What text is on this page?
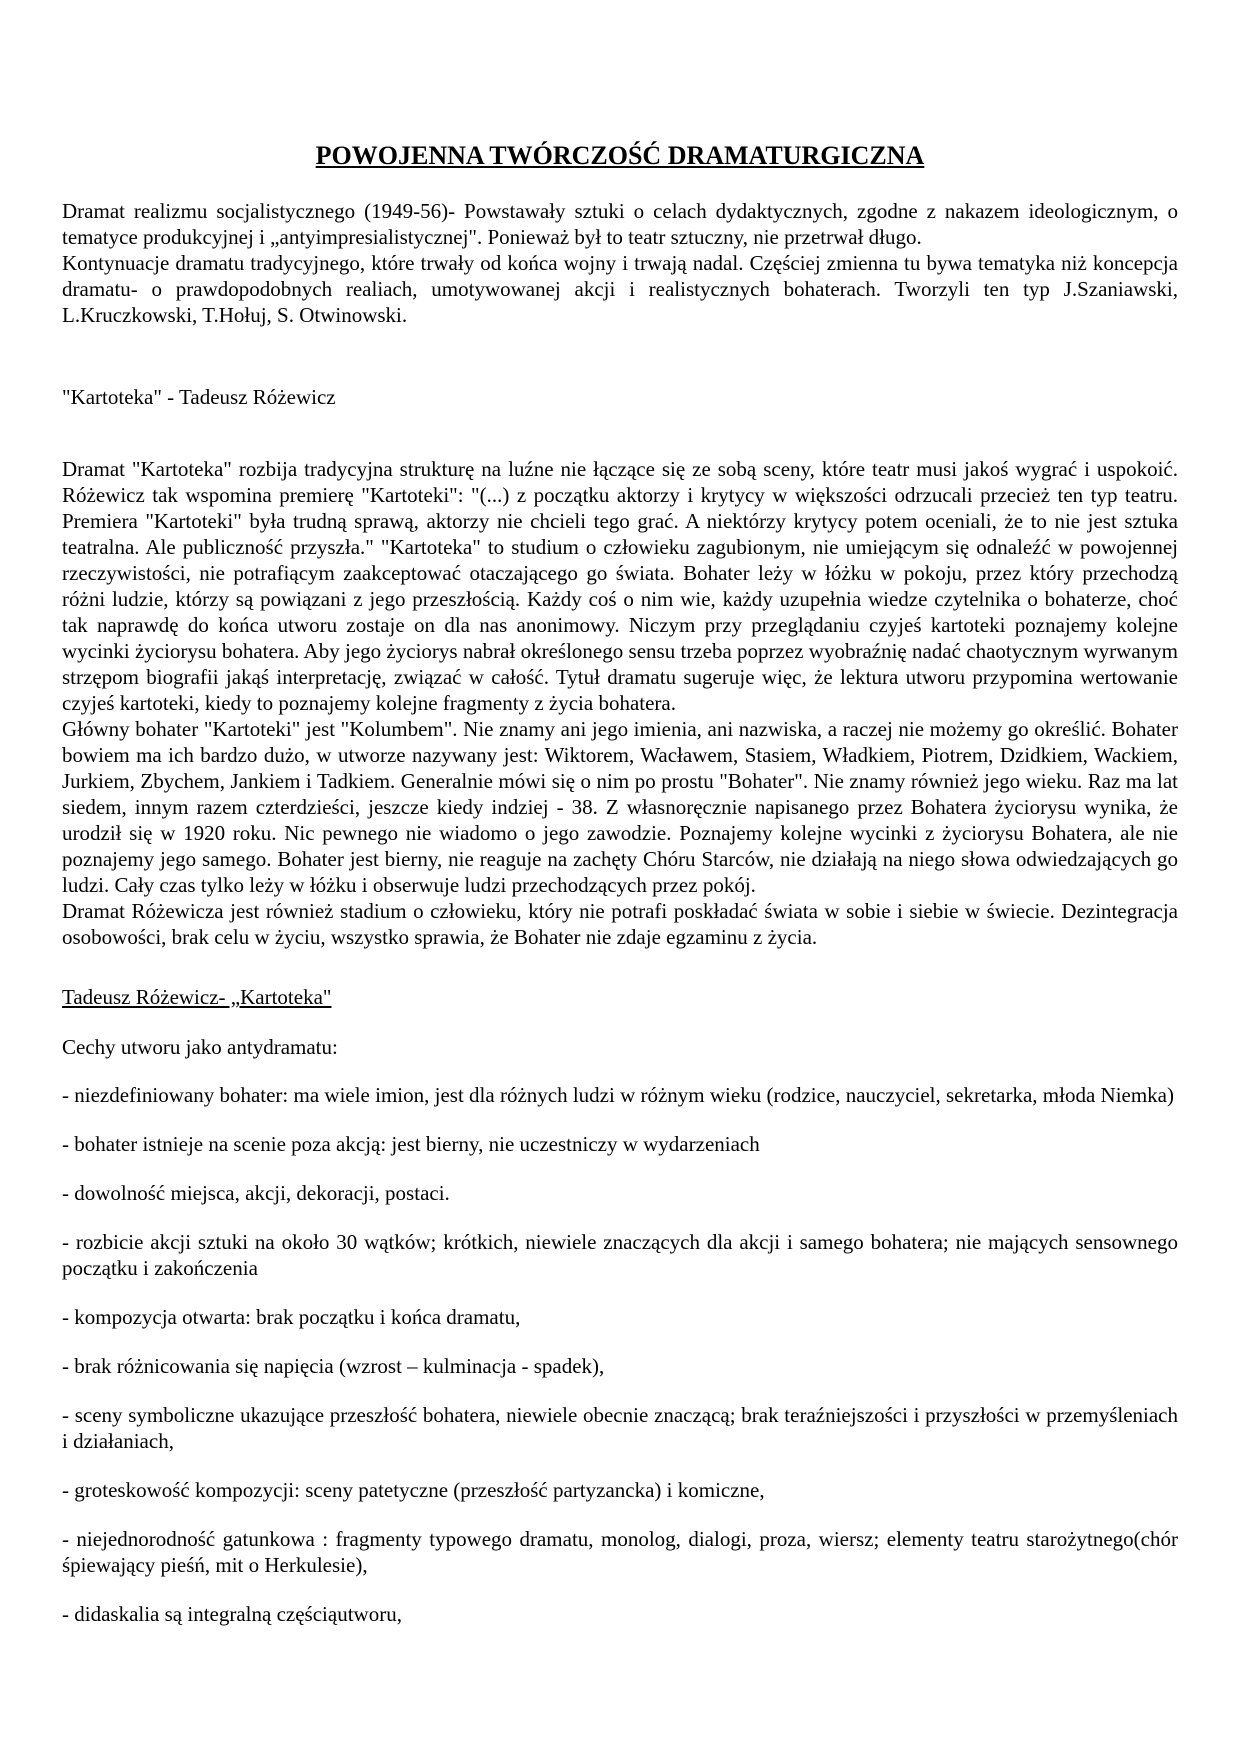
POWOJENNA TWÓRCZOŚĆ DRAMATURGICZNA

Dramat realizmu socjalistycznego (1949-56)- Powstawały sztuki o celach dydaktycznych, zgodne z nakazem ideologicznym, o tematyce produkcyjnej i „antyimpresialistycznej". Ponieważ był to teatr sztuczny, nie przetrwał długo.

Kontynuacje dramatu tradycyjnego, które trwały od końca wojny i trwają nadal. Częściej zmienna tu bywa tematyka niż koncepcja dramatu- o prawdopodobnych realiach, umotywowanej akcji i realistycznych bohaterach. Tworzyli ten typ J.Szaniawski, L.Kruczkowski, T.Hołuj, S. Otwinowski.

"Kartoteka" - Tadeusz Różewicz

Dramat "Kartoteka" rozbija tradycyjna strukturę na luźne nie łączące się ze sobą sceny, które teatr musi jakoś wygrać i uspokoić. Różewicz tak wspomina premierę "Kartoteki": "(...) z początku aktorzy i krytycy w większości odrzucali przecież ten typ teatru. Premiera "Kartoteki" była trudną sprawą, aktorzy nie chcieli tego grać. A niektórzy krytycy potem oceniali, że to nie jest sztuka teatralna. Ale publiczność przyszła." "Kartoteka" to studium o człowieku zagubionym, nie umiejącym się odnaleźć w powojennej rzeczywistości, nie potrafiącym zaakceptować otaczającego go świata. Bohater leży w łóżku w pokoju, przez który przechodzą różni ludzie, którzy są powiązani z jego przeszłością. Każdy coś o nim wie, każdy uzupełnia wiedze czytelnika o bohaterze, choć tak naprawdę do końca utworu zostaje on dla nas anonimowy. Niczym przy przeglądaniu czyjeś kartoteki poznajemy kolejne wycinki życiorysu bohatera. Aby jego życiorys nabrał określonego sensu trzeba poprzez wyobraźnię nadać chaotycznym wyrwanym strzępom biografii jakąś interpretację, związać w całość. Tytuł dramatu sugeruje więc, że lektura utworu przypomina wertowanie czyjeś kartoteki, kiedy to poznajemy kolejne fragmenty z życia bohatera.

Główny bohater "Kartoteki" jest "Kolumbem". Nie znamy ani jego imienia, ani nazwiska, a raczej nie możemy go określić. Bohater bowiem ma ich bardzo dużo, w utworze nazywany jest: Wiktorem, Wacławem, Stasiem, Władkiem, Piotrem, Dzidkiem, Wackiem, Jurkiem, Zbychem, Jankiem i Tadkiem. Generalnie mówi się o nim po prostu "Bohater". Nie znamy również jego wieku. Raz ma lat siedem, innym razem czterdzieści, jeszcze kiedy indziej - 38. Z własnoręcznie napisanego przez Bohatera życiorysu wynika, że urodził się w 1920 roku. Nic pewnego nie wiadomo o jego zawodzie. Poznajemy kolejne wycinki z życiorysu Bohatera, ale nie poznajemy jego samego. Bohater jest bierny, nie reaguje na zachęty Chóru Starców, nie działają na niego słowa odwiedzających go ludzi. Cały czas tylko leży w łóżku i obserwuje ludzi przechodzących przez pokój.

Dramat Różewicza jest również stadium o człowieku, który nie potrafi poskładać świata w sobie i siebie w świecie. Dezintegracja osobowości, brak celu w życiu, wszystko sprawia, że Bohater nie zdaje egzaminu z życia.

Tadeusz Różewicz- „Kartoteka"

Cechy utworu jako antydramatu:

- niezdefiniowany bohater: ma wiele imion, jest dla różnych ludzi w różnym wieku (rodzice, nauczyciel, sekretarka, młoda Niemka)

- bohater istnieje na scenie poza akcją: jest bierny, nie uczestniczy w wydarzeniach

- dowolność miejsca, akcji, dekoracji, postaci.

- rozbicie akcji sztuki na około 30 wątków; krótkich, niewiele znaczących dla akcji i samego bohatera; nie mających sensownego początku i zakończenia

- kompozycja otwarta: brak początku i końca dramatu,

- brak różnicowania się napięcia (wzrost – kulminacja - spadek),

- sceny symboliczne ukazujące przeszłość bohatera, niewiele obecnie znaczącą; brak teraźniejszości i przyszłości w przemyśleniach i działaniach,

- groteskowość kompozycji: sceny patetyczne (przeszłość partyzancka) i komiczne,

- niejednorodność gatunkowa : fragmenty typowego dramatu, monolog, dialogi, proza, wiersz; elementy teatru starożytnego(chór śpiewający pieśń, mit o Herkulesie),

- didaskalia są integralną częściąutworu,
